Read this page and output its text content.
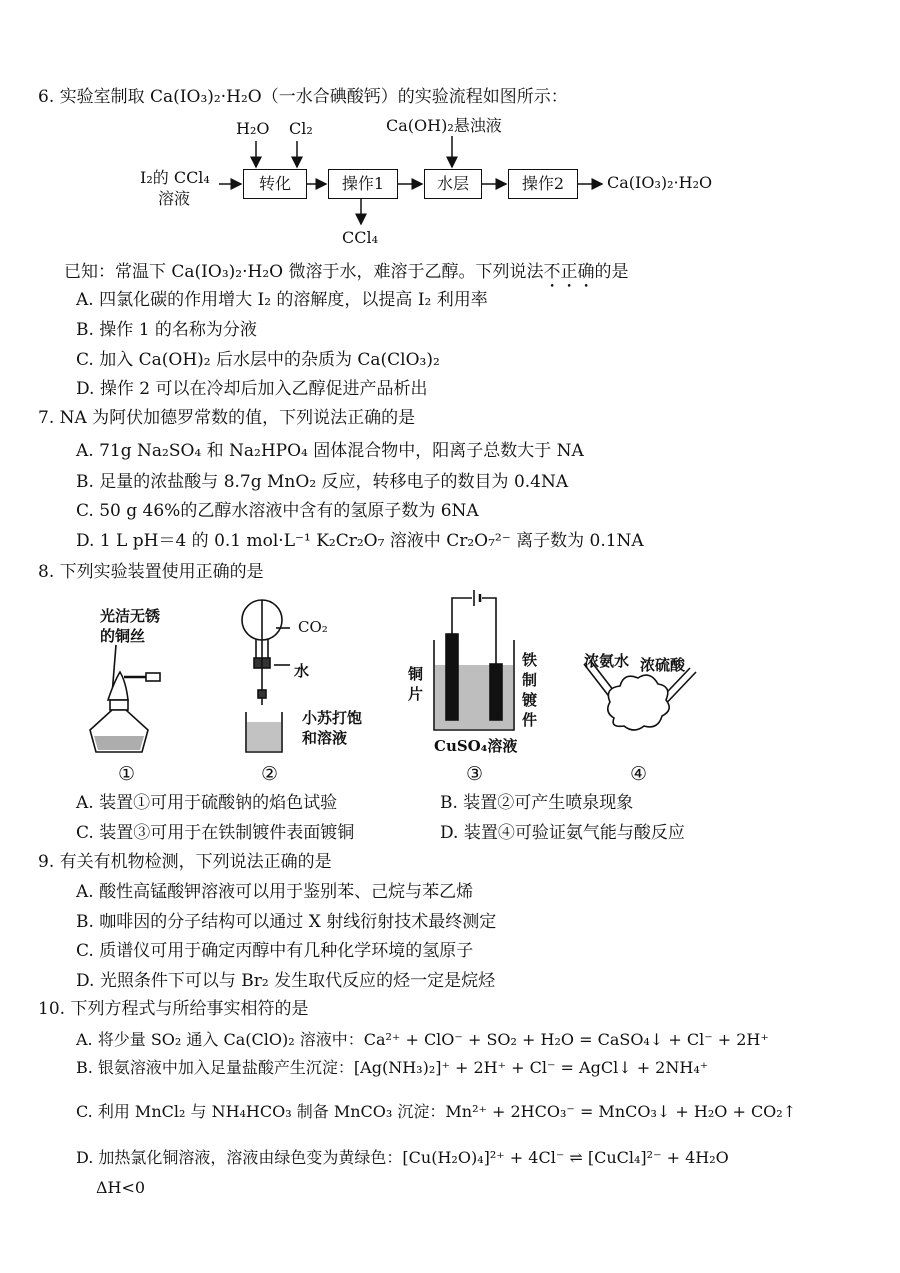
6. 实验室制取 Ca(IO₃)₂·H₂O（一水合碘酸钙）的实验流程如图所示：
H₂O Cl₂	Ca(OH)₂悬浊液
I₂的 CCl₄
溶液
转化	操作1	水层	操作2
CCl₄
Ca(IO₃)₂·H₂O
已知：常温下 Ca(IO₃)₂·H₂O 微溶于水，难溶于乙醇。下列说法不正确的是
A. 四氯化碳的作用增大 I₂ 的溶解度，以提高 I₂ 利用率
B. 操作 1 的名称为分液
C. 加入 Ca(OH)₂ 后水层中的杂质为 Ca(ClO₃)₂
D. 操作 2 可以在冷却后加入乙醇促进产品析出
7. NA 为阿伏加德罗常数的值，下列说法正确的是
A. 71g Na₂SO₄ 和 Na₂HPO₄ 固体混合物中，阳离子总数大于 NA
B. 足量的浓盐酸与 8.7g MnO₂ 反应，转移电子的数目为 0.4NA
C. 50 g 46%的乙醇水溶液中含有的氢原子数为 6NA
D. 1 L pH＝4 的 0.1 mol·L⁻¹ K₂Cr₂O₇ 溶液中 Cr₂O₇²⁻ 离子数为 0.1NA
8. 下列实验装置使用正确的是
光洁无锈
的铜丝	CO₂
水
小苏打饱
和溶液
铜片
铁制镀件
CuSO₄溶液
浓氨水 浓硫酸
①	②	③	④
A. 装置①可用于硫酸钠的焰色试验	B. 装置②可产生喷泉现象
C. 装置③可用于在铁制镀件表面镀铜	D. 装置④可验证氨气能与酸反应
9. 有关有机物检测，下列说法正确的是
A. 酸性高锰酸钾溶液可以用于鉴别苯、己烷与苯乙烯
B. 咖啡因的分子结构可以通过 X 射线衍射技术最终测定
C. 质谱仪可用于确定丙醇中有几种化学环境的氢原子
D. 光照条件下可以与 Br₂ 发生取代反应的烃一定是烷烃
10. 下列方程式与所给事实相符的是
A. 将少量 SO₂ 通入 Ca(ClO)₂ 溶液中：Ca²⁺ + ClO⁻ + SO₂ + H₂O = CaSO₄↓ + Cl⁻ + 2H⁺
B. 银氨溶液中加入足量盐酸产生沉淀：[Ag(NH₃)₂]⁺ + 2H⁺ + Cl⁻ = AgCl↓ + 2NH₄⁺
C. 利用 MnCl₂ 与 NH₄HCO₃ 制备 MnCO₃ 沉淀：Mn²⁺ + 2HCO₃⁻ = MnCO₃↓ + H₂O + CO₂↑
D. 加热氯化铜溶液，溶液由绿色变为黄绿色：[Cu(H₂O)₄]²⁺ + 4Cl⁻ ⇌ [CuCl₄]²⁻ + 4H₂O
ΔH<0
